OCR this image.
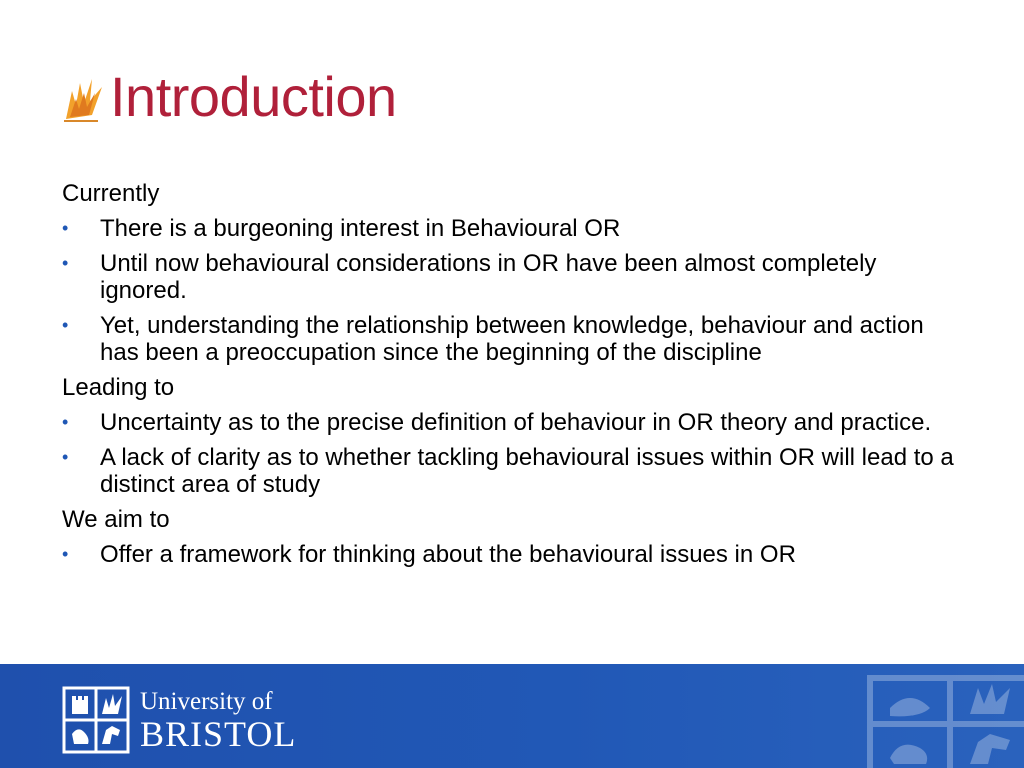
Introduction
Currently
•	There is a burgeoning interest in Behavioural OR
•	Until now behavioural considerations in OR have been almost completely ignored.
•	Yet, understanding the relationship between knowledge, behaviour and action has been a preoccupation since the beginning of the discipline
Leading to
•	Uncertainty as to the precise definition of behaviour in OR theory and practice.
•	A lack of clarity as to whether tackling behavioural issues within OR will lead to a distinct area of study
We aim to
•	Offer a framework for thinking about the behavioural issues in OR
University of
BRISTOL
